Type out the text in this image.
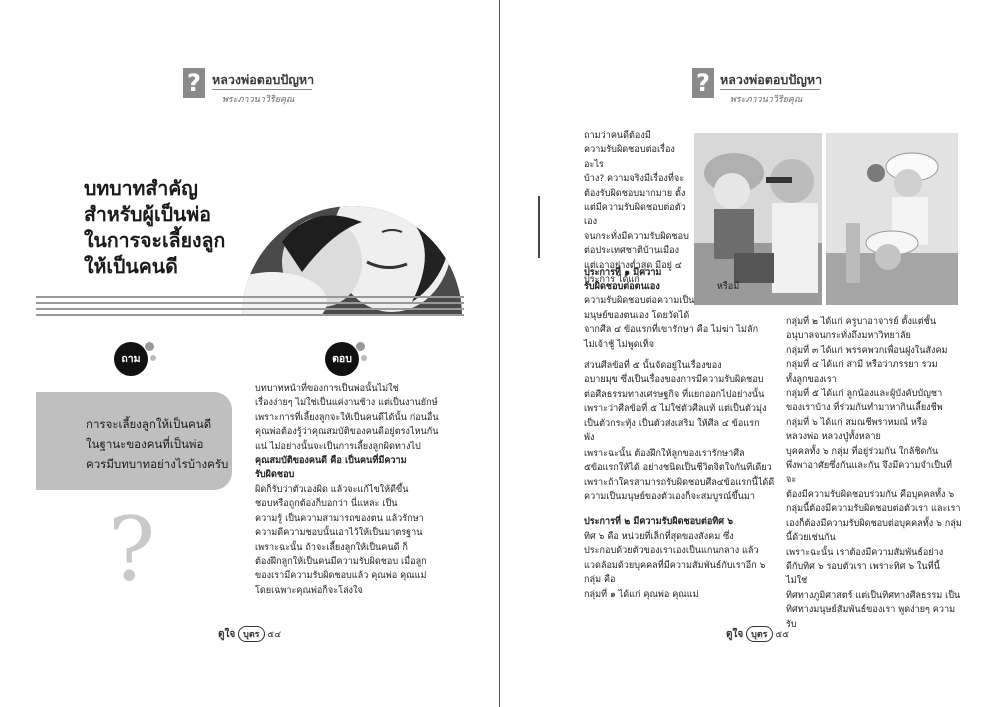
? หลวงพ่อตอบปัญหา
พระภาวนาวิริยคุณ
บทบาทสำคัญ
สำหรับผู้เป็นพ่อ
ในการจะเลี้ยงลูก
ให้เป็นคนดี
ถาม	ตอบ
การจะเลี้ยงลูกให้เป็นคนดี
ในฐานะของคนที่เป็นพ่อ
ควรมีบทบาทอย่างไรบ้างครับ
?
บทบาทหน้าที่ของการเป็นพ่อนั้นไม่ใช่
เรื่องง่ายๆ ไม่ใช่เป็นแค่งานช้าง แต่เป็นงานยักษ์
เพราะการที่เลี้ยงลูกจะให้เป็นคนดีได้นั้น ก่อนอื่น
คุณพ่อต้องรู้ว่าคุณสมบัติของคนดีอยู่ตรงไหนกัน
แน่ ไม่อย่างนั้นจะเป็นการเลี้ยงลูกผิดทางไป
คุณสมบัติของคนดี คือ เป็นคนที่มีความ
รับผิดชอบ
ผิดก็รับว่าตัวเองผิด แล้วจะแก้ไขให้ดีขึ้น
ชอบหรือถูกต้องก็บอกว่า นี่แหละ เป็น
ความรู้ เป็นความสามารถของตน แล้วรักษา
ความดีความชอบนั้นเอาไว้ให้เป็นมาตรฐาน
เพราะฉะนั้น ถ้าจะเลี้ยงลูกให้เป็นคนดี ก็
ต้องฝึกลูกให้เป็นคนมีความรับผิดชอบ เมื่อลูก
ของเรามีความรับผิดชอบแล้ว คุณพ่อ คุณแม่
โดยเฉพาะคุณพ่อก็จะโล่งใจ
ตูใจ บุตร ๕๔
? หลวงพ่อตอบปัญหา
พระภาวนาวิริยคุณ
ถามว่าคนดีต้องมี
ความรับผิดชอบต่อเรื่องอะไร
บ้าง? ความจริงมีเรื่องที่จะ
ต้องรับผิดชอบมากมาย ตั้ง
แต่มีความรับผิดชอบต่อตัวเอง
จนกระทั่งมีความรับผิดชอบ
ต่อประเทศชาติบ้านเมือง
แต่เอาอย่างต่ำสุด มีอยู่ ๔
ประการ ได้แก่
ประการที่ ๑ มีความ
รับผิดชอบต่อตนเอง	หรือมี
ความรับผิดชอบต่อความเป็น
มนุษย์ของตนเอง โดยวัดได้
จากศีล ๔ ข้อแรกที่เขารักษา คือ ไม่ฆ่า ไม่ลัก
ไม่เจ้าชู้ ไม่พูดเท็จ
ส่วนศีลข้อที่ ๕ นั้นจัดอยู่ในเรื่องของ
อบายมุข ซึ่งเป็นเรื่องของการมีความรับผิดชอบ
ต่อศีลธรรมทางเศรษฐกิจ ที่แยกออกไปอย่างนั้น
เพราะว่าศีลข้อที่ ๕ ไม่ใช่ตัวศีลแท้ แต่เป็นตัวมุ่ง
เป็นตัวกระทุ้ง เป็นตัวส่งเสริม ให้ศีล ๔ ข้อแรก
พัง
เพราะฉะนั้น ต้องฝึกให้ลูกของเรารักษาศีล
๕ข้อแรกให้ได้ อย่างชนิดเป็นชีวิตจิตใจกันทีเดียว
เพราะถ้าใครสามารถรับผิดชอบศีล๔ข้อแรกนี้ได้ดี
ความเป็นมนุษย์ของตัวเองก็จะสมบูรณ์ขึ้นมา
ประการที่ ๒ มีความรับผิดชอบต่อทิศ ๖
ทิศ ๖ คือ หน่วยที่เล็กที่สุดของสังคม ซึ่ง
ประกอบด้วยตัวของเราเองเป็นแกนกลาง แล้ว
แวดล้อมด้วยบุคคลที่มีความสัมพันธ์กับเราอีก ๖
กลุ่ม คือ
กลุ่มที่ ๑ ได้แก่ คุณพ่อ คุณแม่
กลุ่มที่ ๒ ได้แก่ ครูบาอาจารย์ ตั้งแต่ชั้น
อนุบาลจนกระทั่งถึงมหาวิทยาลัย
กลุ่มที่ ๓ ได้แก่ พรรคพวกเพื่อนฝูงในสังคม
กลุ่มที่ ๔ ได้แก่ สามี หรือว่าภรรยา รวม
ทั้งลูกของเรา
กลุ่มที่ ๕ ได้แก่ ลูกน้องและผู้บังคับบัญชา
ของเราบ้าง ที่ร่วมกันทำมาหากินเลี้ยงชีพ
กลุ่มที่ ๖ ได้แก่ สมณชีพราหมณ์ หรือ
หลวงพ่อ หลวงปู่ทั้งหลาย
บุคคลทั้ง ๖ กลุ่ม ที่อยู่ร่วมกัน ใกล้ชิดกัน
พึ่งพาอาศัยซึ่งกันและกัน จึงมีความจำเป็นที่จะ
ต้องมีความรับผิดชอบร่วมกัน คือบุคคลทั้ง ๖
กลุ่มนี้ต้องมีความรับผิดชอบต่อตัวเรา และเรา
เองก็ต้องมีความรับผิดชอบต่อบุคคลทั้ง ๖ กลุ่ม
นี้ด้วยเช่นกัน
เพราะฉะนั้น เราต้องมีความสัมพันธ์อย่าง
ดีกับทิศ ๖ รอบตัวเรา เพราะทิศ ๖ ในที่นี้ ไม่ใช่
ทิศทางภูมิศาสตร์ แต่เป็นทิศทางศีลธรรม เป็น
ทิศทางมนุษย์สัมพันธ์ของเรา พูดง่ายๆ ความรับ
ตูใจ บุตร ๕๕
